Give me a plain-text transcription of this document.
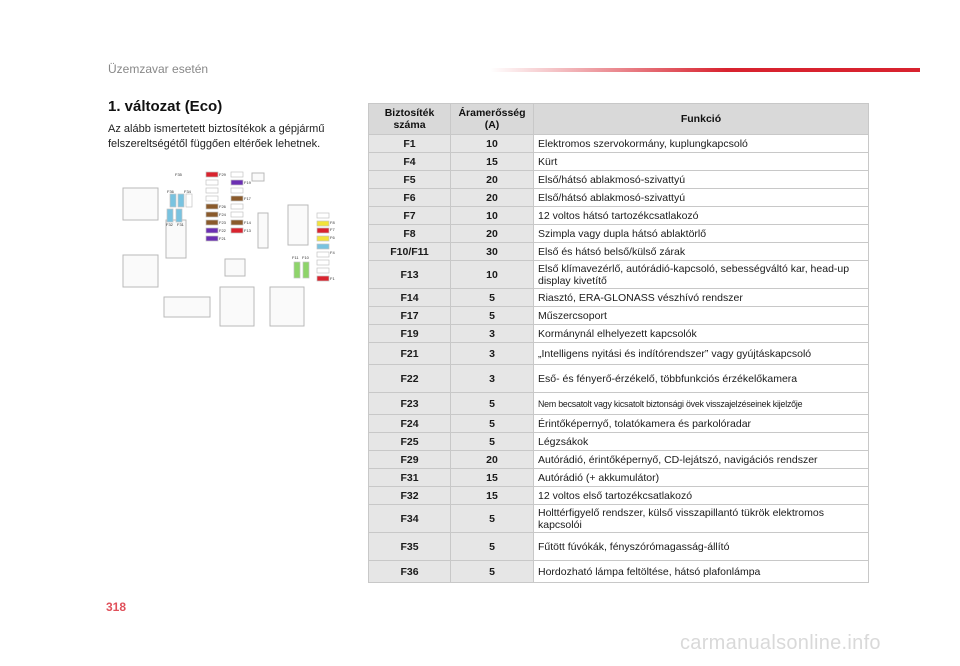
Üzemzavar esetén
1. változat (Eco)
Az alább ismertetett biztosítékok a gépjármű felszereltségétől függően eltérőek lehetnek.
F35
F36	F34
F32 F31
F29
F19
F17
F26
F24
F23	F14
F22	F13
F21
F8
F7
F6
F4
F1
F11 F10
Biztosíték száma	Áramerősség (A)	Funkció
F1	10	Elektromos szervokormány, kuplungkapcsoló
F4	15	Kürt
F5	20	Első/hátsó ablakmosó-szivattyú
F6	20	Első/hátsó ablakmosó-szivattyú
F7	10	12 voltos hátsó tartozékcsatlakozó
F8	20	Szimpla vagy dupla hátsó ablaktörlő
F10/F11	30	Első és hátsó belső/külső zárak
F13	10	Első klímavezérlő, autórádió-kapcsoló, sebességváltó kar, head-up display kivetítő
F14	5	Riasztó, ERA-GLONASS vészhívó rendszer
F17	5	Műszercsoport
F19	3	Kormánynál elhelyezett kapcsolók
F21	3	„Intelligens nyitási és indítórendszer” vagy gyújtáskapcsoló
F22	3	Eső- és fényerő-érzékelő, többfunkciós érzékelőkamera
F23	5	Nem becsatolt vagy kicsatolt biztonsági övek visszajelzéseinek kijelzője
F24	5	Érintőképernyő, tolatókamera és parkolóradar
F25	5	Légzsákok
F29	20	Autórádió, érintőképernyő, CD-lejátszó, navigációs rendszer
F31	15	Autórádió (+ akkumulátor)
F32	15	12 voltos első tartozékcsatlakozó
F34	5	Holttérfigyelő rendszer, külső visszapillantó tükrök elektromos kapcsolói
F35	5	Fűtött fúvókák, fényszórómagasság-állító
F36	5	Hordozható lámpa feltöltése, hátsó plafonlámpa
318
carmanualsonline.info
